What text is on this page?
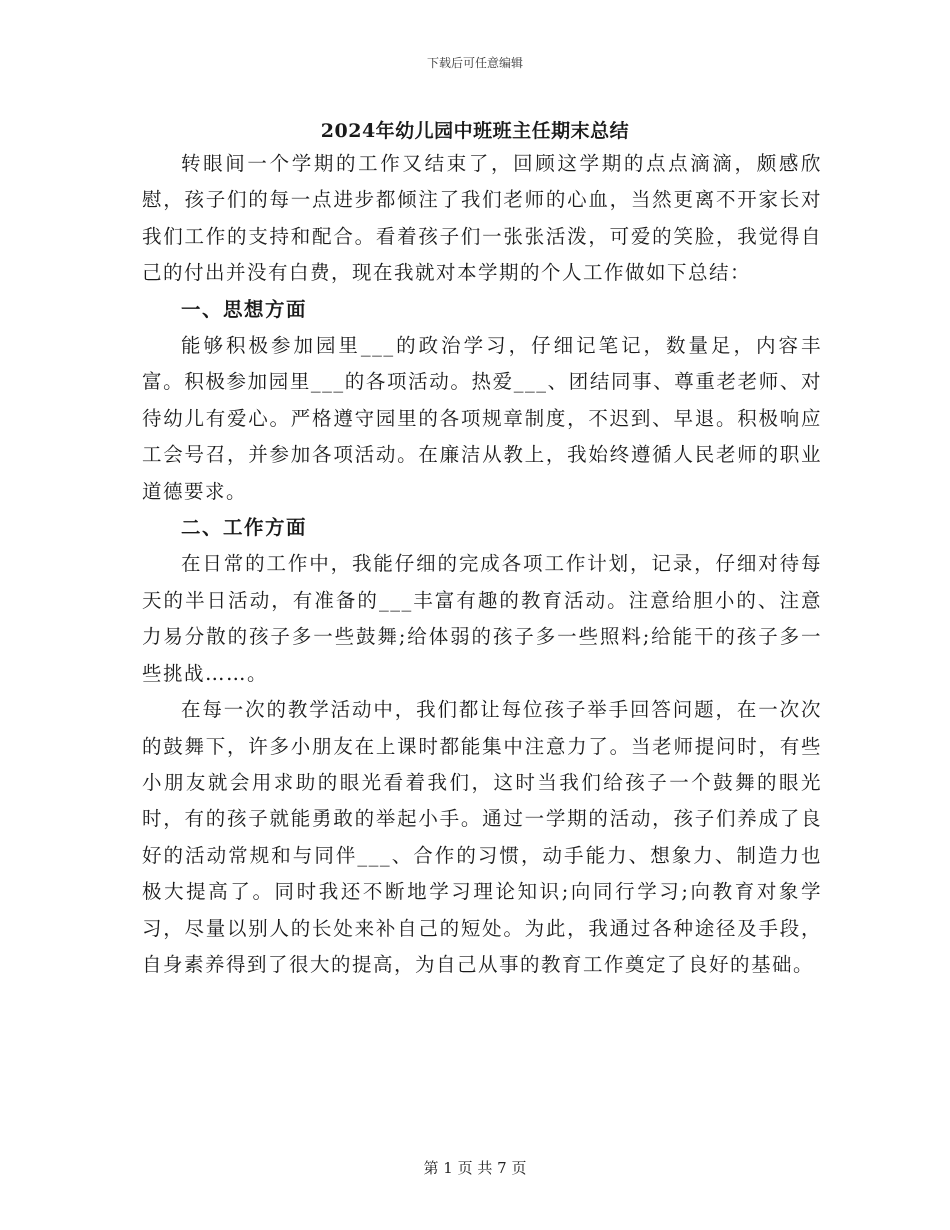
下载后可任意编辑
2024年幼儿园中班班主任期末总结

转眼间一个学期的工作又结束了，回顾这学期的点点滴滴，颇感欣慰，孩子们的每一点进步都倾注了我们老师的心血，当然更离不开家长对我们工作的支持和配合。看着孩子们一张张活泼，可爱的笑脸，我觉得自己的付出并没有白费，现在我就对本学期的个人工作做如下总结：

一、思想方面

能够积极参加园里___的政治学习，仔细记笔记，数量足，内容丰富。积极参加园里___的各项活动。热爱___、团结同事、尊重老老师、对待幼儿有爱心。严格遵守园里的各项规章制度，不迟到、早退。积极响应工会号召，并参加各项活动。在廉洁从教上，我始终遵循人民老师的职业道德要求。

二、工作方面

在日常的工作中，我能仔细的完成各项工作计划，记录，仔细对待每天的半日活动，有准备的___丰富有趣的教育活动。注意给胆小的、注意力易分散的孩子多一些鼓舞;给体弱的孩子多一些照料;给能干的孩子多一些挑战……。

在每一次的教学活动中，我们都让每位孩子举手回答问题，在一次次的鼓舞下，许多小朋友在上课时都能集中注意力了。当老师提问时，有些小朋友就会用求助的眼光看着我们，这时当我们给孩子一个鼓舞的眼光时，有的孩子就能勇敢的举起小手。通过一学期的活动，孩子们养成了良好的活动常规和与同伴___、合作的习惯，动手能力、想象力、制造力也极大提高了。同时我还不断地学习理论知识;向同行学习;向教育对象学习，尽量以别人的长处来补自己的短处。为此，我通过各种途径及手段，自身素养得到了很大的提高，为自己从事的教育工作奠定了良好的基础。

第 1 页 共 7 页
